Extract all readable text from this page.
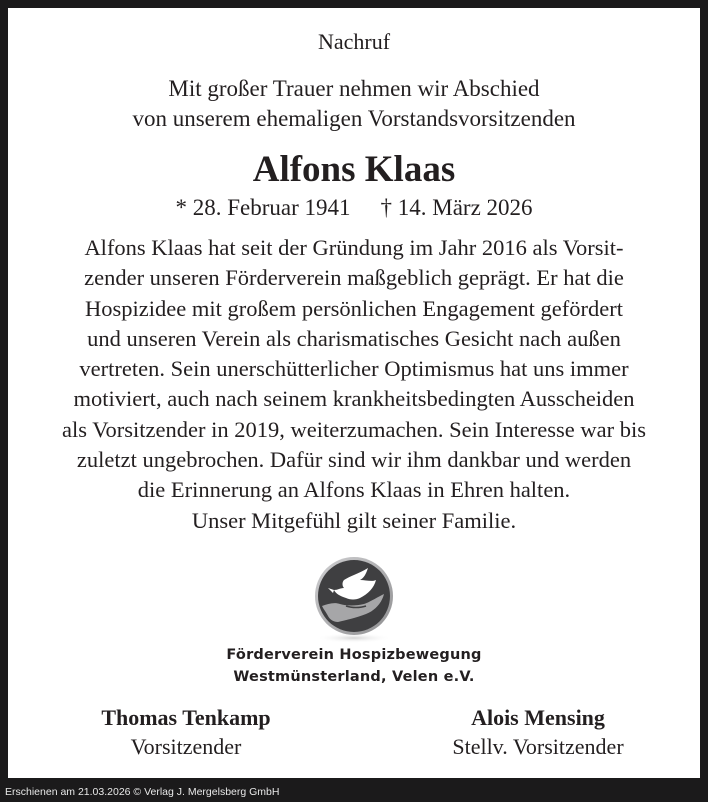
Nachruf
Mit großer Trauer nehmen wir Abschied
von unserem ehemaligen Vorstandsvorsitzenden
Alfons Klaas
* 28. Februar 1941 † 14. März 2026
Alfons Klaas hat seit der Gründung im Jahr 2016 als Vorsit-
zender unseren Förderverein maßgeblich geprägt. Er hat die
Hospizidee mit großem persönlichen Engagement gefördert
und unseren Verein als charismatisches Gesicht nach außen
vertreten. Sein unerschütterlicher Optimismus hat uns immer
motiviert, auch nach seinem krankheitsbedingten Ausscheiden
als Vorsitzender in 2019, weiterzumachen. Sein Interesse war bis
zuletzt ungebrochen. Dafür sind wir ihm dankbar und werden
die Erinnerung an Alfons Klaas in Ehren halten.
Unser Mitgefühl gilt seiner Familie.
Förderverein Hospizbewegung
Westmünsterland, Velen e.V.
Thomas Tenkamp
Vorsitzender
Alois Mensing
Stellv. Vorsitzender
Erschienen am 21.03.2026 © Verlag J. Mergelsberg GmbH
